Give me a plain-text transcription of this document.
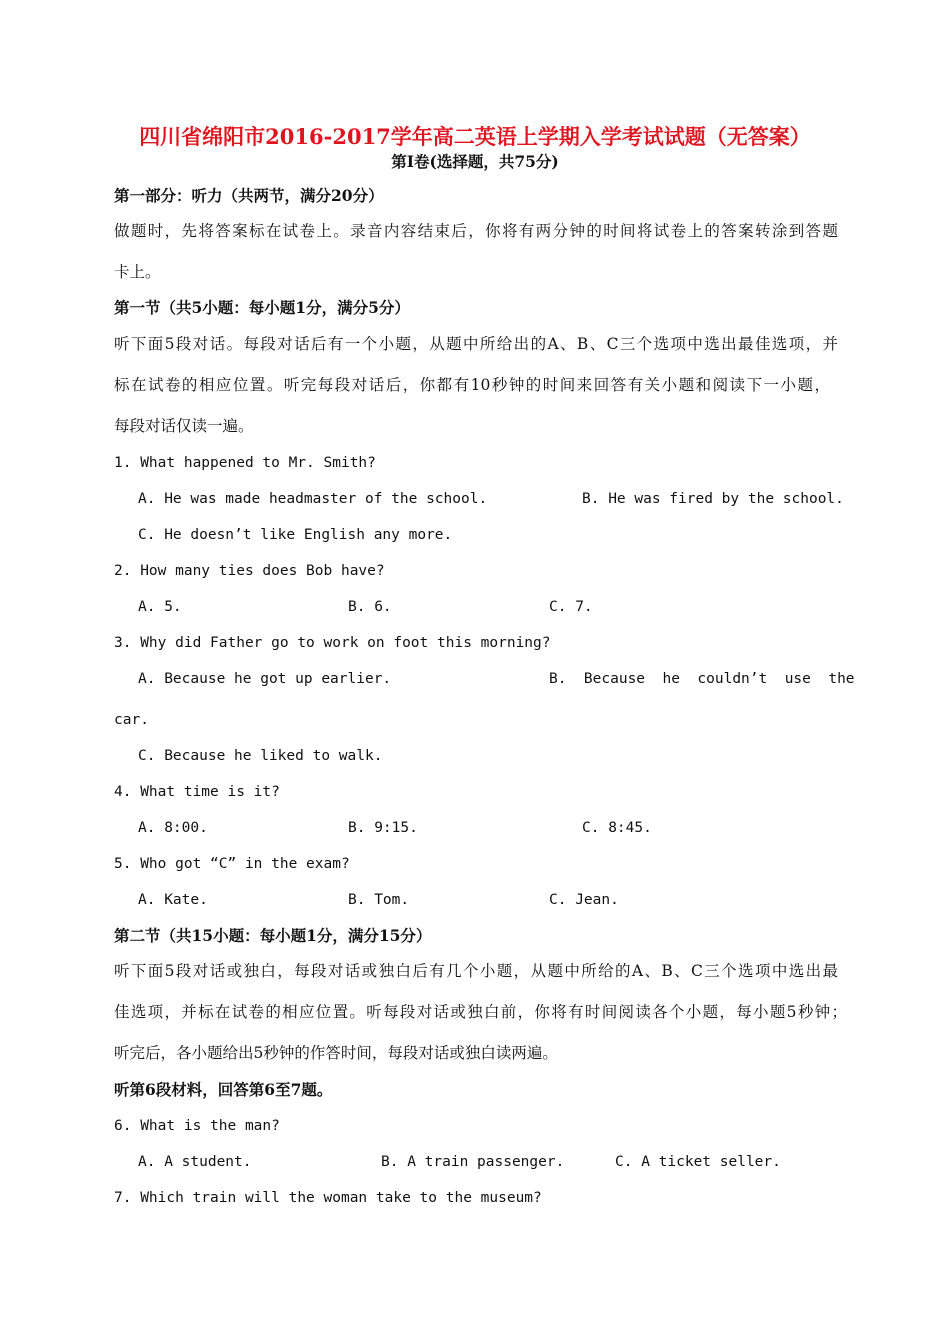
四川省绵阳市2016-2017学年高二英语上学期入学考试试题（无答案）
第Ⅰ卷(选择题，共75分)
第一部分：听力（共两节，满分20分）
做题时，先将答案标在试卷上。录音内容结束后，你将有两分钟的时间将试卷上的答案转涂到答题
卡上。
第一节（共5小题：每小题1分，满分5分）
听下面5段对话。每段对话后有一个小题，从题中所给出的A、B、C三个选项中选出最佳选项，并
标在试卷的相应位置。听完每段对话后，你都有10秒钟的时间来回答有关小题和阅读下一小题，
每段对话仅读一遍。
1. What happened to Mr. Smith?
A. He was made headmaster of the school.	B. He was fired by the school.
C. He doesn’t like English any more.
2. How many ties does Bob have?
A. 5.	B. 6.	C. 7.
3. Why did Father go to work on foot this morning?
A. Because he got up earlier.	B.  Because  he  couldn’t  use  the
car.
C. Because he liked to walk.
4. What time is it?
A. 8:00.	B. 9:15.	C. 8:45.
5. Who got “C” in the exam?
A. Kate.	B. Tom.	C. Jean.
第二节（共15小题：每小题1分，满分15分）
听下面5段对话或独白，每段对话或独白后有几个小题，从题中所给的A、B、C三个选项中选出最
佳选项，并标在试卷的相应位置。听每段对话或独白前，你将有时间阅读各个小题，每小题5秒钟；
听完后，各小题给出5秒钟的作答时间，每段对话或独白读两遍。
听第6段材料，回答第6至7题。
6. What is the man?
A. A student.	B. A train passenger.	C. A ticket seller.
7. Which train will the woman take to the museum?
